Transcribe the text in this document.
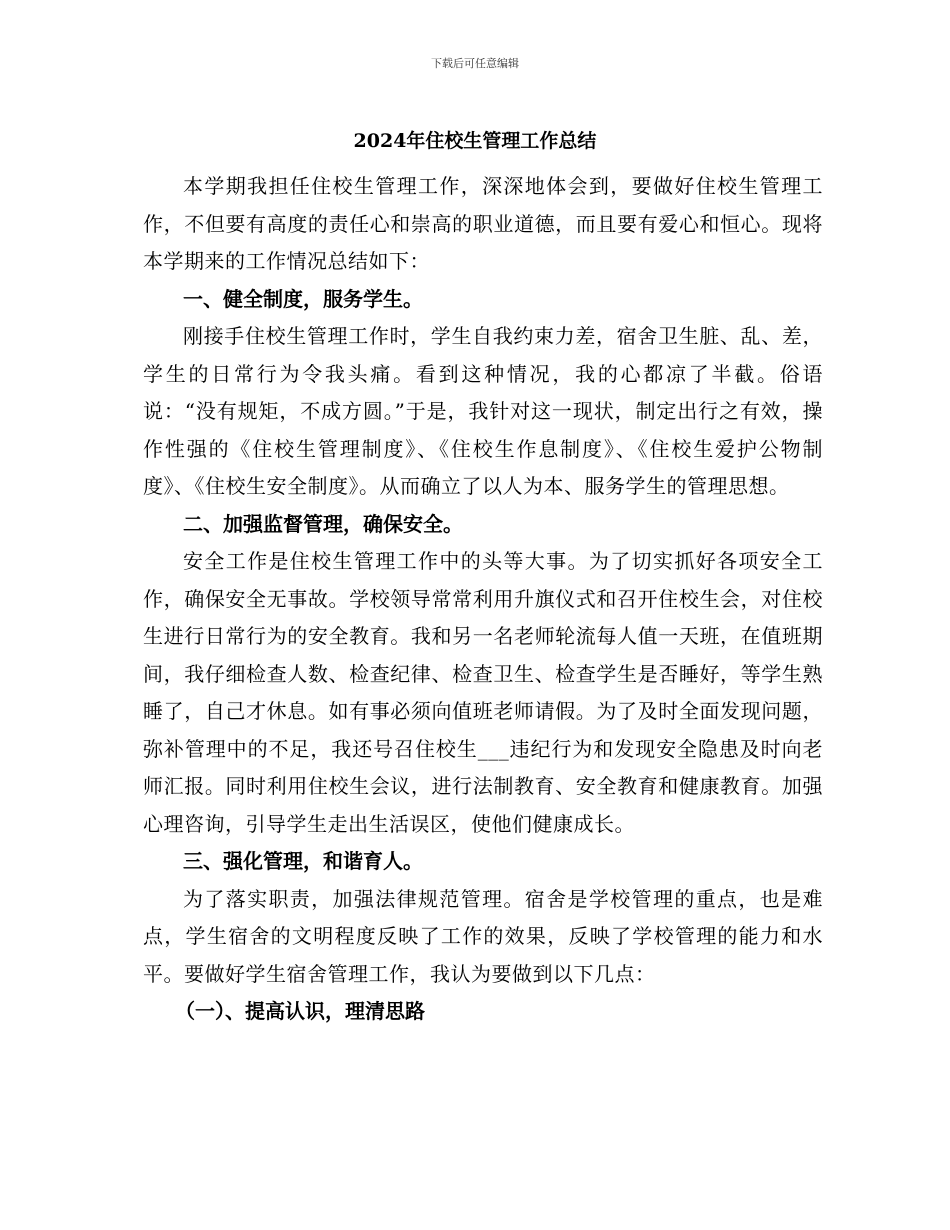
下载后可任意编辑
2024年住校生管理工作总结

本学期我担任住校生管理工作，深深地体会到，要做好住校生管理工作，不但要有高度的责任心和崇高的职业道德，而且要有爱心和恒心。现将本学期来的工作情况总结如下：

一、健全制度，服务学生。

刚接手住校生管理工作时，学生自我约束力差，宿舍卫生脏、乱、差，学生的日常行为令我头痛。看到这种情况，我的心都凉了半截。俗语说：“没有规矩，不成方圆。”于是，我针对这一现状，制定出行之有效，操作性强的《住校生管理制度》、《住校生作息制度》、《住校生爱护公物制度》、《住校生安全制度》。从而确立了以人为本、服务学生的管理思想。

二、加强监督管理，确保安全。

安全工作是住校生管理工作中的头等大事。为了切实抓好各项安全工作，确保安全无事故。学校领导常常利用升旗仪式和召开住校生会，对住校生进行日常行为的安全教育。我和另一名老师轮流每人值一天班，在值班期间，我仔细检查人数、检查纪律、检查卫生、检查学生是否睡好，等学生熟睡了，自己才休息。如有事必须向值班老师请假。为了及时全面发现问题，弥补管理中的不足，我还号召住校生___违纪行为和发现安全隐患及时向老师汇报。同时利用住校生会议，进行法制教育、安全教育和健康教育。加强心理咨询，引导学生走出生活误区，使他们健康成长。

三、强化管理，和谐育人。

为了落实职责，加强法律规范管理。宿舍是学校管理的重点，也是难点，学生宿舍的文明程度反映了工作的效果，反映了学校管理的能力和水平。要做好学生宿舍管理工作，我认为要做到以下几点：

（一）、提高认识，理清思路
